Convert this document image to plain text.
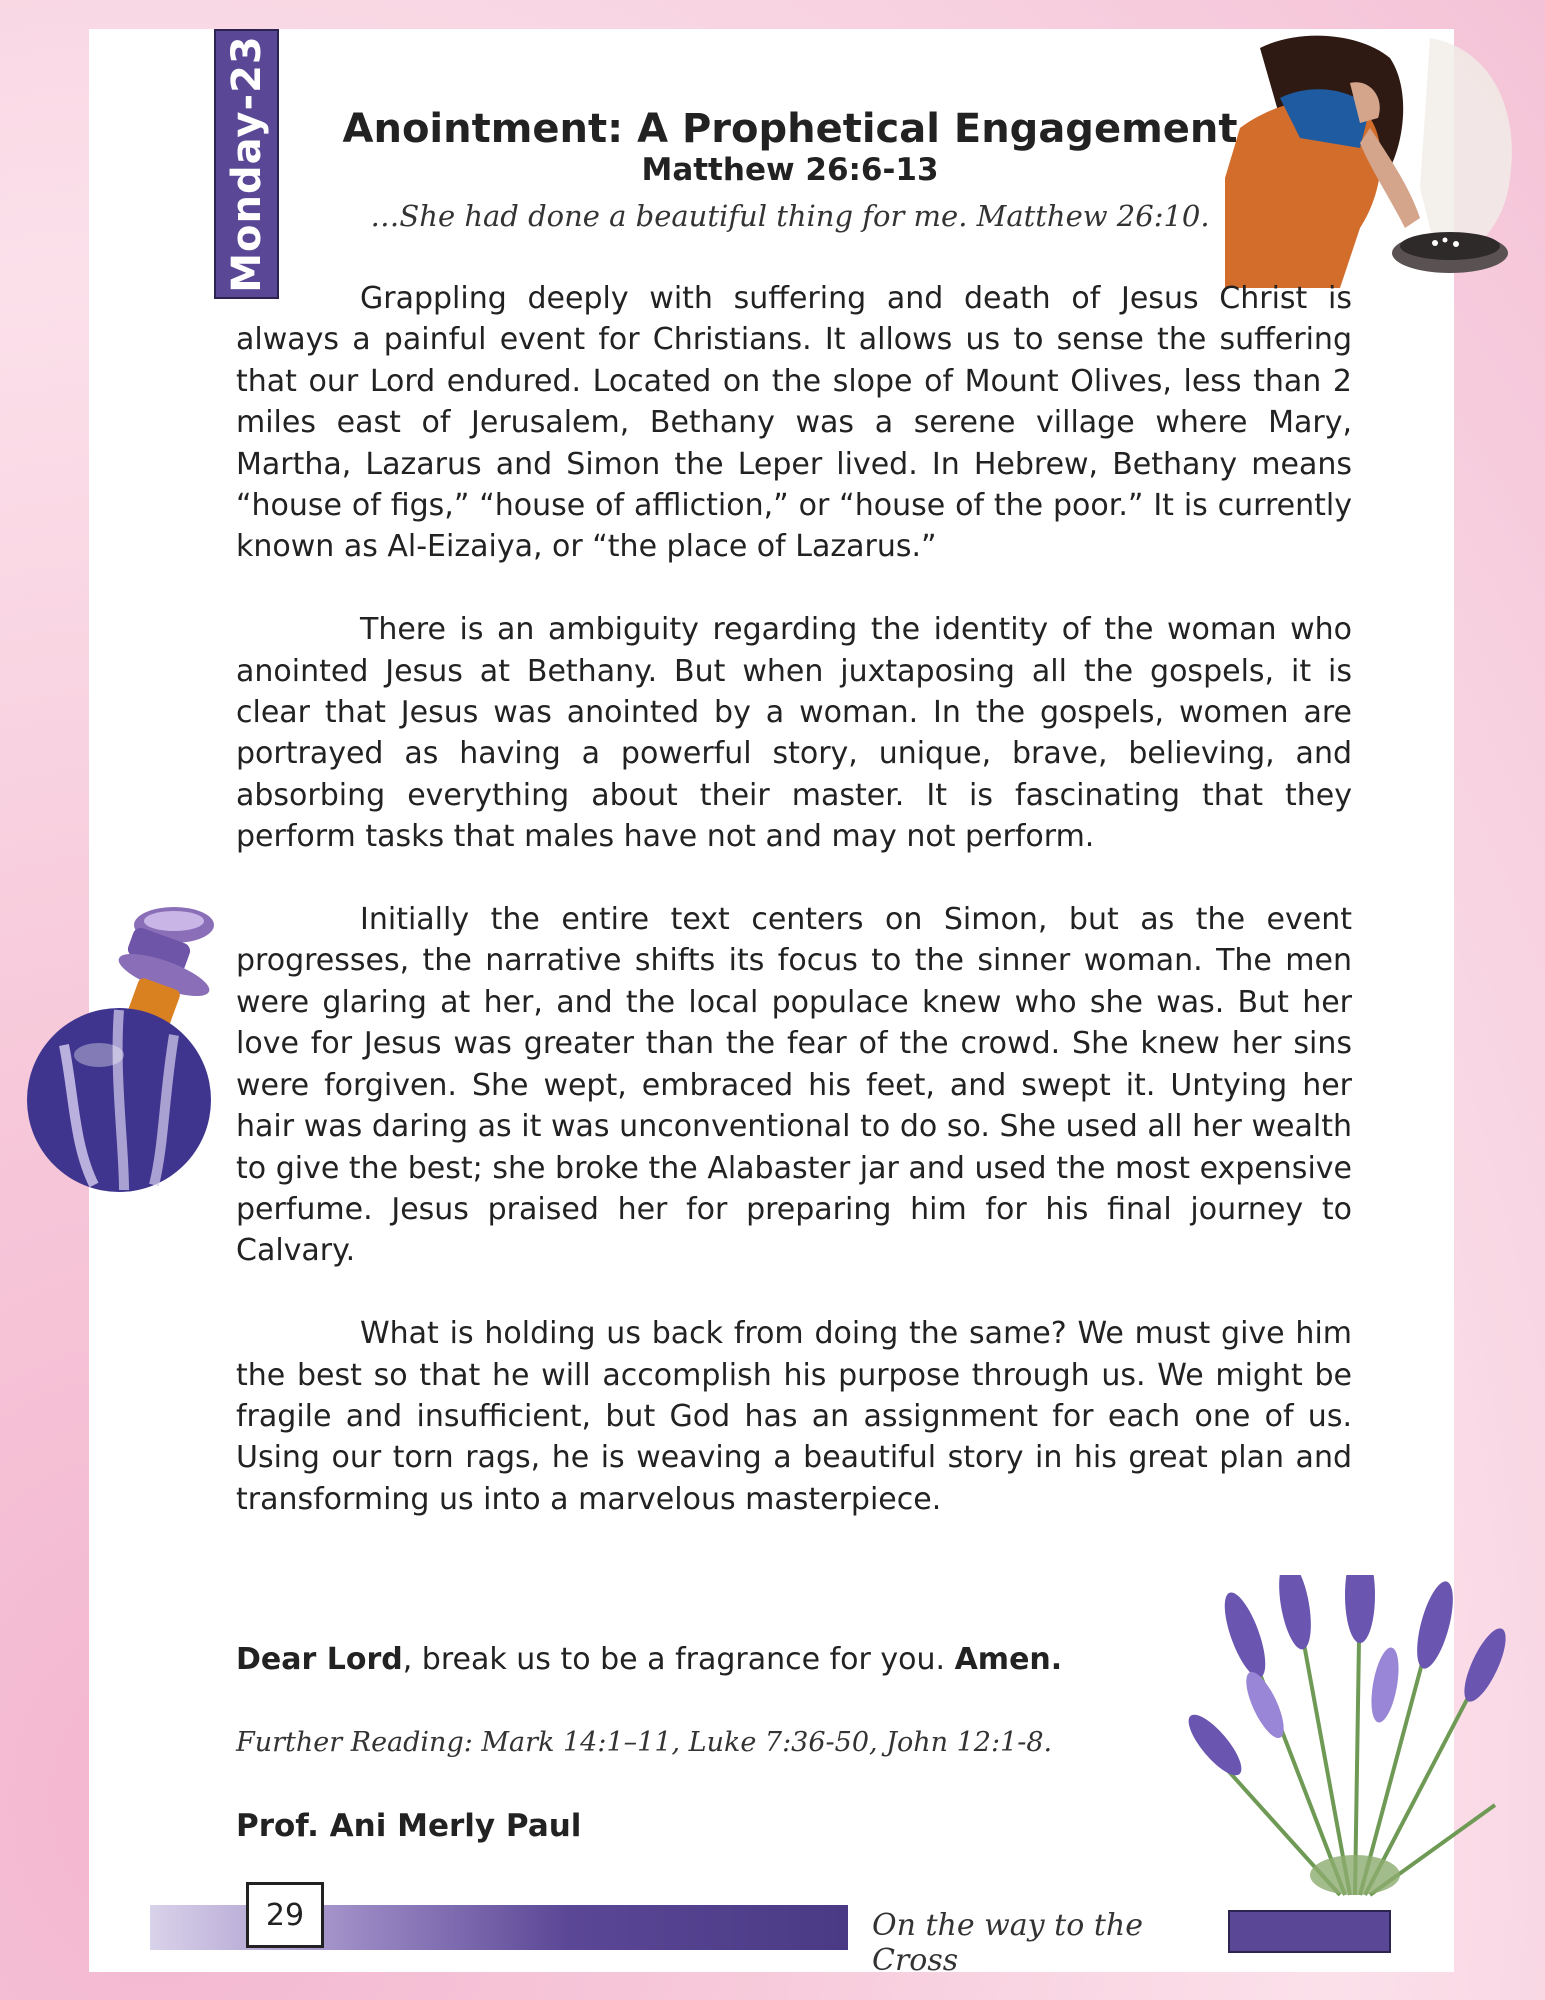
Monday-23	Anointment: A Prophetical Engagement
Matthew 26:6-13
…She had done a beautiful thing for me. Matthew 26:10.

Grappling deeply with suffering and death of Jesus Christ is always a painful event for Christians. It allows us to sense the suffering that our Lord endured. Located on the slope of Mount Olives, less than 2 miles east of Jerusalem, Bethany was a serene village where Mary, Martha, Lazarus and Simon the Leper lived. In Hebrew, Bethany means “house of figs,” “house of affliction,” or “house of the poor.” It is currently known as Al-Eizaiya, or “the place of Lazarus.”

There is an ambiguity regarding the identity of the woman who anointed Jesus at Bethany. But when juxtaposing all the gospels, it is clear that Jesus was anointed by a woman. In the gospels, women are portrayed as having a powerful story, unique, brave, believing, and absorbing everything about their master. It is fascinating that they perform tasks that males have not and may not perform.

Initially the entire text centers on Simon, but as the event progresses, the narrative shifts its focus to the sinner woman. The men were glaring at her, and the local populace knew who she was. But her love for Jesus was greater than the fear of the crowd. She knew her sins were forgiven. She wept, embraced his feet, and swept it. Untying her hair was daring as it was unconventional to do so. She used all her wealth to give the best; she broke the Alabaster jar and used the most expensive perfume. Jesus praised her for preparing him for his final journey to Calvary.

What is holding us back from doing the same? We must give him the best so that he will accomplish his purpose through us. We might be fragile and insufficient, but God has an assignment for each one of us. Using our torn rags, he is weaving a beautiful story in his great plan and transforming us into a marvelous masterpiece.

Dear Lord, break us to be a fragrance for you. Amen.
Further Reading: Mark 14:1–11, Luke 7:36-50, John 12:1-8.
Prof. Ani Merly Paul
29	On the way to the Cross
